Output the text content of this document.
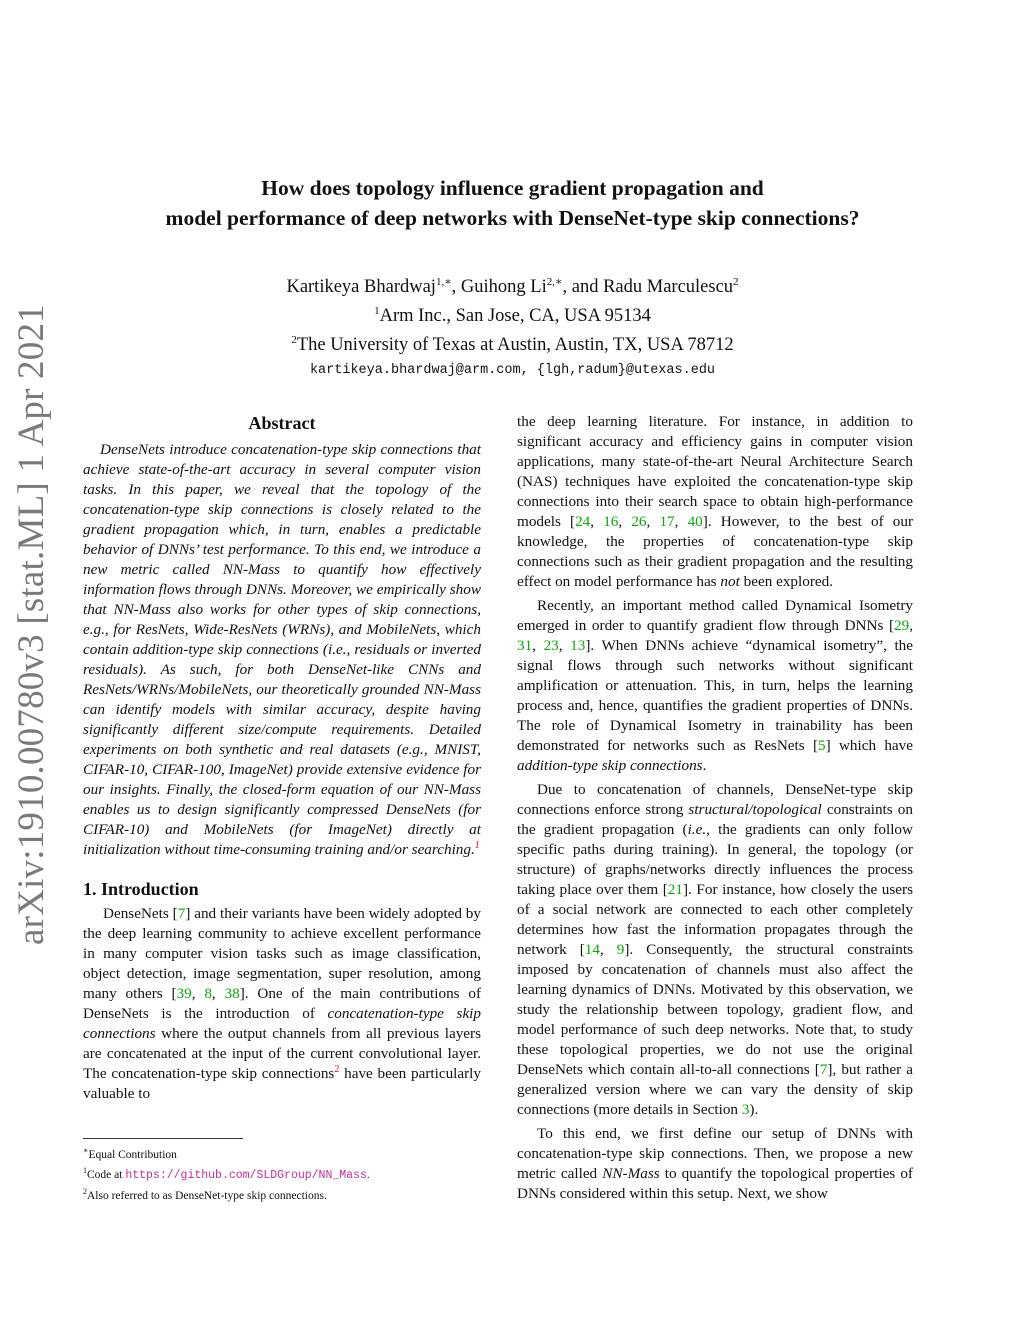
arXiv:1910.00780v3 [stat.ML] 1 Apr 2021
How does topology influence gradient propagation and
model performance of deep networks with DenseNet-type skip connections?
Kartikeya Bhardwaj$^{1,∗}$, Guihong $Li^{2,∗}$, and Radu Marculescu$^2$
$^1$Arm Inc., San Jose, CA, USA 95134
$^2$The University of Texas at Austin, Austin, TX, USA 78712
kartikeya.bhardwaj@arm.com, {lgh,radum}@utexas.edu
Abstract

DenseNets introduce concatenation-type skip connections that achieve state-of-the-art accuracy in several computer vision tasks. In this paper, we reveal that the topology of the concatenation-type skip connections is closely related to the gradient propagation which, in turn, enables a predictable behavior of DNNs’ test performance. To this end, we introduce a new metric called NN-Mass to quantify how effectively information flows through DNNs. Moreover, we empirically show that NN-Mass also works for other types of skip connections, e.g., for ResNets, Wide-ResNets (WRNs), and MobileNets, which contain addition-type skip connections (i.e., residuals or inverted residuals). As such, for both DenseNet-like CNNs and ResNets/WRNs/MobileNets, our theoretically grounded NN-Mass can identify models with similar accuracy, despite having significantly different size/compute requirements. Detailed experiments on both synthetic and real datasets (e.g., MNIST, CIFAR-10, CIFAR-100, ImageNet) provide extensive evidence for our insights. Finally, the closed-form equation of our NN-Mass enables us to design significantly compressed DenseNets (for CIFAR-10) and MobileNets (for ImageNet) directly at initialization without time-consuming training and/or searching.$^1$

1. Introduction

DenseNets [7] and their variants have been widely adopted by the deep learning community to achieve excellent performance in many computer vision tasks such as image classification, object detection, image segmentation, super resolution, among many others [39, 8, 38]. One of the main contributions of DenseNets is the introduction of concatenation-type skip connections where the output channels from all previous layers are concatenated at the input of the current convolutional layer. The concatenation-type skip connections$^2$ have been particularly valuable to

∗Equal Contribution
$^1$Code at https://github.com/SLDGroup/NN_Mass.
$^2$Also referred to as DenseNet-type skip connections.

the deep learning literature. For instance, in addition to significant accuracy and efficiency gains in computer vision applications, many state-of-the-art Neural Architecture Search (NAS) techniques have exploited the concatenation-type skip connections into their search space to obtain high-performance models [24, 16, 26, 17, 40]. However, to the best of our knowledge, the properties of concatenation-type skip connections such as their gradient propagation and the resulting effect on model performance has not been explored.

Recently, an important method called Dynamical Isometry emerged in order to quantify gradient flow through DNNs [29, 31, 23, 13]. When DNNs achieve “dynamical isometry”, the signal flows through such networks without significant amplification or attenuation. This, in turn, helps the learning process and, hence, quantifies the gradient properties of DNNs. The role of Dynamical Isometry in trainability has been demonstrated for networks such as ResNets [5] which have addition-type skip connections.

Due to concatenation of channels, DenseNet-type skip connections enforce strong structural/topological constraints on the gradient propagation (i.e., the gradients can only follow specific paths during training). In general, the topology (or structure) of graphs/networks directly influences the process taking place over them [21]. For instance, how closely the users of a social network are connected to each other completely determines how fast the information propagates through the network [14, 9]. Consequently, the structural constraints imposed by concatenation of channels must also affect the learning dynamics of DNNs. Motivated by this observation, we study the relationship between topology, gradient flow, and model performance of such deep networks. Note that, to study these topological properties, we do not use the original DenseNets which contain all-to-all connections [7], but rather a generalized version where we can vary the density of skip connections (more details in Section 3).

To this end, we first define our setup of DNNs with concatenation-type skip connections. Then, we propose a new metric called NN-Mass to quantify the topological properties of DNNs considered within this setup. Next, we show
